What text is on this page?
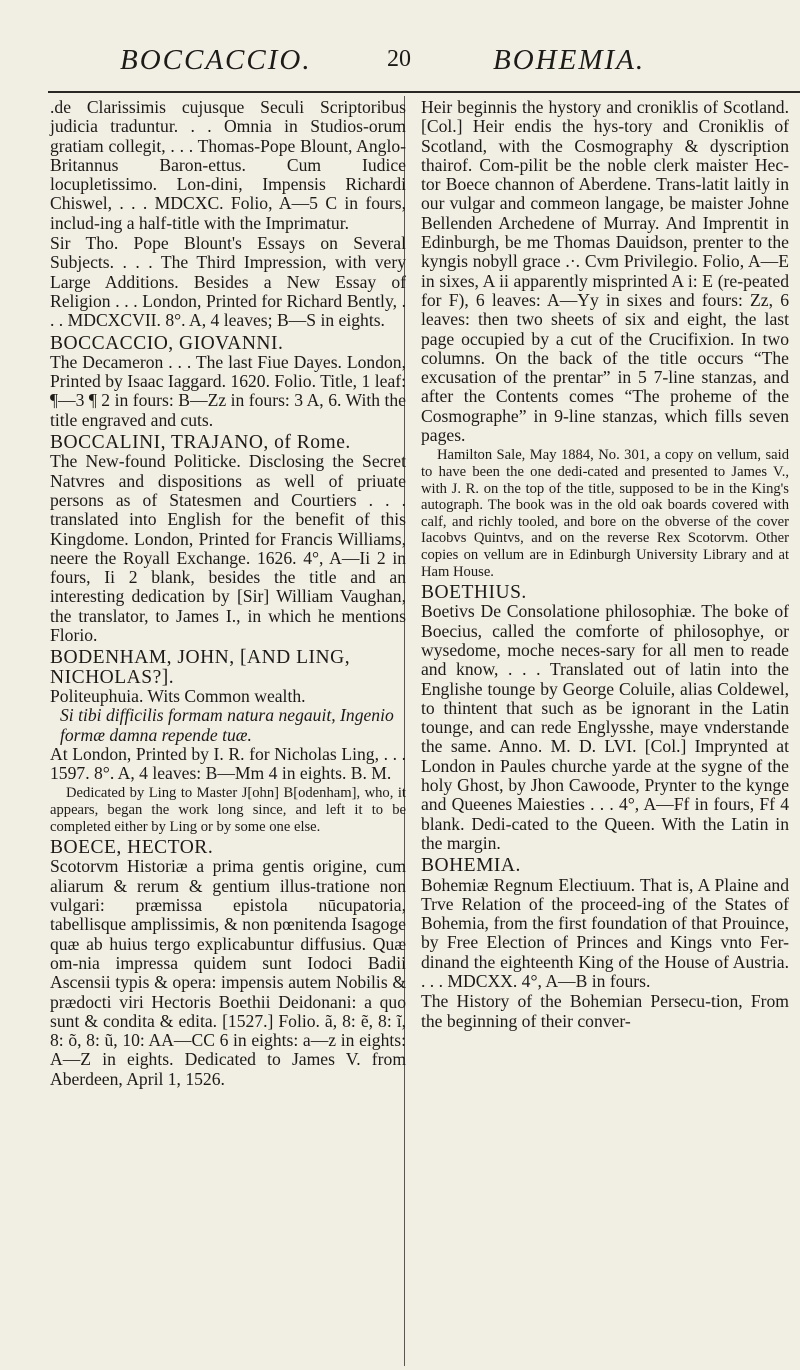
BOCCACCIO.	20	BOHEMIA.

.de Clarissimis cujusque Seculi Scriptoribus judicia traduntur. . . Omnia in Studios-orum gratiam collegit, . . . Thomas-Pope Blount, Anglo-Britannus Baron-ettus. Cum Iudice locupletissimo. Lon-dini, Impensis Richardi Chiswel, . . . MDCXC. Folio, A—5 C in fours, includ-ing a half-title with the Imprimatur.

Sir Tho. Pope Blount's Essays on Several Subjects. . . . The Third Impression, with very Large Additions. Besides a New Essay of Religion . . . London, Printed for Richard Bently, . . . MDCXCVII. 8°. A, 4 leaves; B—S in eights.

BOCCACCIO, GIOVANNI.

The Decameron . . . The last Fiue Dayes. London, Printed by Isaac Iaggard. 1620. Folio. Title, 1 leaf: ¶—3 ¶ 2 in fours: B—Zz in fours: 3 A, 6. With the title engraved and cuts.

BOCCALINI, TRAJANO, of Rome.

The New-found Politicke. Disclosing the Secret Natvres and dispositions as well of priuate persons as of Statesmen and Courtiers . . . translated into English for the benefit of this Kingdome. London, Printed for Francis Williams, neere the Royall Exchange. 1626. 4°, A—Ii 2 in fours, Ii 2 blank, besides the title and an interesting dedication by [Sir] William Vaughan, the translator, to James I., in which he mentions Florio.

BODENHAM, JOHN, [AND LING, NICHOLAS?].

Politeuphuia. Wits Common wealth.

Si tibi difficilis formam natura negauit, Ingenio formæ damna repende tuæ.

At London, Printed by I. R. for Nicholas Ling, . . . 1597. 8°. A, 4 leaves: B—Mm 4 in eights. B. M.

Dedicated by Ling to Master J[ohn] B[odenham], who, it appears, began the work long since, and left it to be completed either by Ling or by some one else.

BOECE, HECTOR.

Scotorvm Historiæ a prima gentis origine, cum aliarum & rerum & gentium illus-tratione non vulgari: præmissa epistola nūcupatoria, tabellisque amplissimis, & non pœnitenda Isagoge quæ ab huius tergo explicabuntur diffusius. Quæ om-nia impressa quidem sunt Iodoci Badii Ascensii typis & opera: impensis autem Nobilis & prædocti viri Hectoris Boethii Deidonani: a quo sunt & condita & edita. [1527.] Folio. ã, 8: ẽ, 8: ĩ, 8: õ, 8: ũ, 10: AA—CC 6 in eights: a—z in eights: A—Z in eights. Dedicated to James V. from Aberdeen, April 1, 1526.

Heir beginnis the hystory and croniklis of Scotland. [Col.] Heir endis the hys-tory and Croniklis of Scotland, with the Cosmography & dyscription thairof. Com-pilit be the noble clerk maister Hec-tor Boece channon of Aberdene. Trans-latit laitly in our vulgar and commeon langage, be maister Johne Bellenden Archedene of Murray. And Imprentit in Edinburgh, be me Thomas Dauidson, prenter to the kyngis nobyll grace .·. Cvm Privilegio. Folio, A—E in sixes, A ii apparently misprinted A i: E (re-peated for F), 6 leaves: A—Yy in sixes and fours: Zz, 6 leaves: then two sheets of six and eight, the last page occupied by a cut of the Crucifixion. In two columns. On the back of the title occurs “The excusation of the prentar” in 5 7-line stanzas, and after the Contents comes “The proheme of the Cosmographe” in 9-line stanzas, which fills seven pages.

Hamilton Sale, May 1884, No. 301, a copy on vellum, said to have been the one dedi-cated and presented to James V., with J. R. on the top of the title, supposed to be in the King's autograph. The book was in the old oak boards covered with calf, and richly tooled, and bore on the obverse of the cover Iacobvs Quintvs, and on the reverse Rex Scotorvm. Other copies on vellum are in Edinburgh University Library and at Ham House.

BOETHIUS.

Boetivs De Consolatione philosophiæ. The boke of Boecius, called the comforte of philosophye, or wysedome, moche neces-sary for all men to reade and know, . . . Translated out of latin into the Englishe tounge by George Coluile, alias Coldewel, to thintent that such as be ignorant in the Latin tounge, and can rede Englysshe, maye vnderstande the same. Anno. M. D. LVI. [Col.] Imprynted at London in Paules churche yarde at the sygne of the holy Ghost, by Jhon Cawoode, Prynter to the kynge and Queenes Maiesties . . . 4°, A—Ff in fours, Ff 4 blank. Dedi-cated to the Queen. With the Latin in the margin.

BOHEMIA.

Bohemiæ Regnum Electiuum. That is, A Plaine and Trve Relation of the proceed-ing of the States of Bohemia, from the first foundation of that Prouince, by Free Election of Princes and Kings vnto Fer-dinand the eighteenth King of the House of Austria. . . . MDCXX. 4°, A—B in fours.

The History of the Bohemian Persecu-tion, From the beginning of their conver-
